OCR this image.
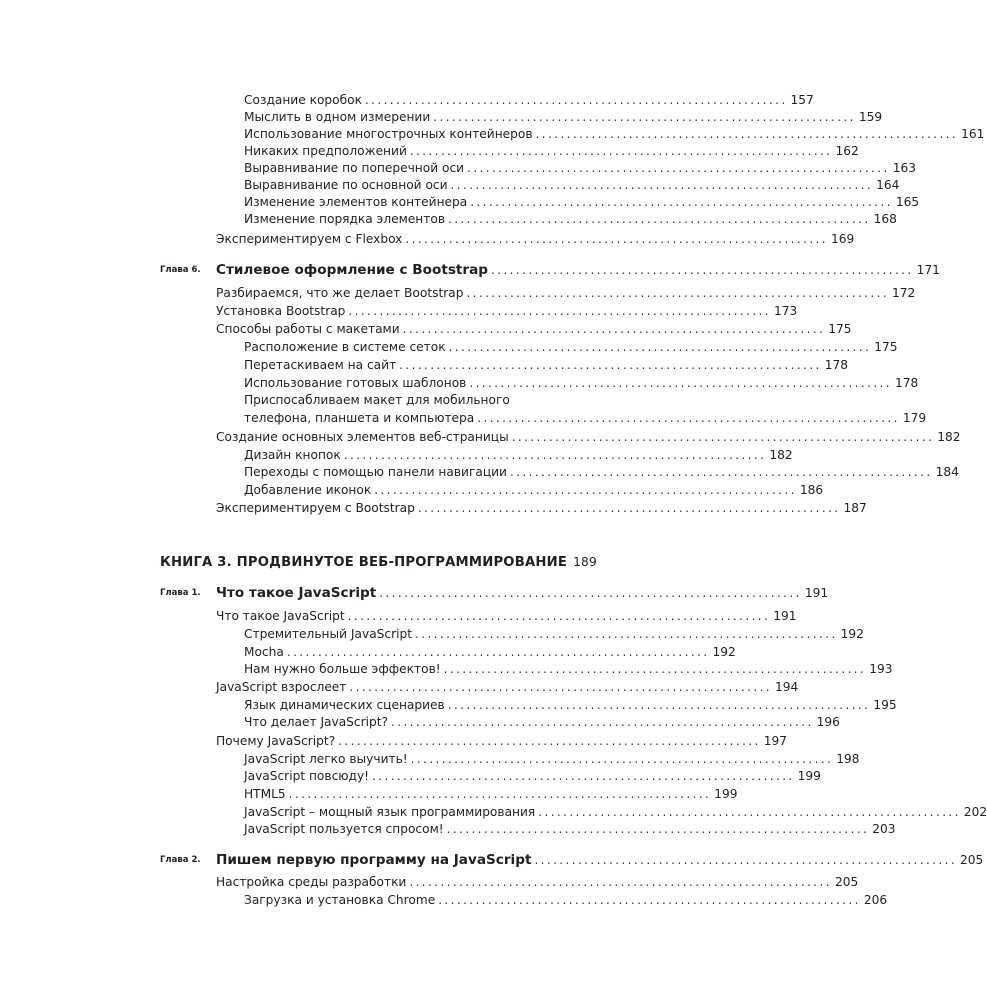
Создание коробок .................................................................... 157
Мыслить в одном измерении .................................................................... 159
Использование многострочных контейнеров .................................................................... 161
Никаких предположений .................................................................... 162
Выравнивание по поперечной оси .................................................................... 163
Выравнивание по основной оси .................................................................... 164
Изменение элементов контейнера .................................................................... 165
Изменение порядка элементов .................................................................... 168
Экспериментируем с Flexbox .................................................................... 169
Глава 6. Стилевое оформление с Bootstrap .................................................................... 171
Разбираемся, что же делает Bootstrap .................................................................... 172
Установка Bootstrap .................................................................... 173
Способы работы с макетами .................................................................... 175
Расположение в системе сеток .................................................................... 175
Перетаскиваем на сайт .................................................................... 178
Использование готовых шаблонов .................................................................... 178
Приспосабливаем макет для мобильного
телефона, планшета и компьютера .................................................................... 179
Создание основных элементов веб-страницы .................................................................... 182
Дизайн кнопок .................................................................... 182
Переходы с помощью панели навигации .................................................................... 184
Добавление иконок .................................................................... 186
Экспериментируем с Bootstrap .................................................................... 187
КНИГА 3. ПРОДВИНУТОЕ ВЕБ-ПРОГРАММИРОВАНИЕ 189
Глава 1. Что такое JavaScript .................................................................... 191
Что такое JavaScript .................................................................... 191
Стремительный JavaScript .................................................................... 192
Mocha .................................................................... 192
Нам нужно больше эффектов! .................................................................... 193
JavaScript взрослеет .................................................................... 194
Язык динамических сценариев .................................................................... 195
Что делает JavaScript? .................................................................... 196
Почему JavaScript? .................................................................... 197
JavaScript легко выучить! .................................................................... 198
JavaScript повсюду! .................................................................... 199
HTML5 .................................................................... 199
JavaScript – мощный язык программирования .................................................................... 202
JavaScript пользуется спросом! .................................................................... 203
Глава 2. Пишем первую программу на JavaScript .................................................................... 205
Настройка среды разработки .................................................................... 205
Загрузка и установка Chrome .................................................................... 206
